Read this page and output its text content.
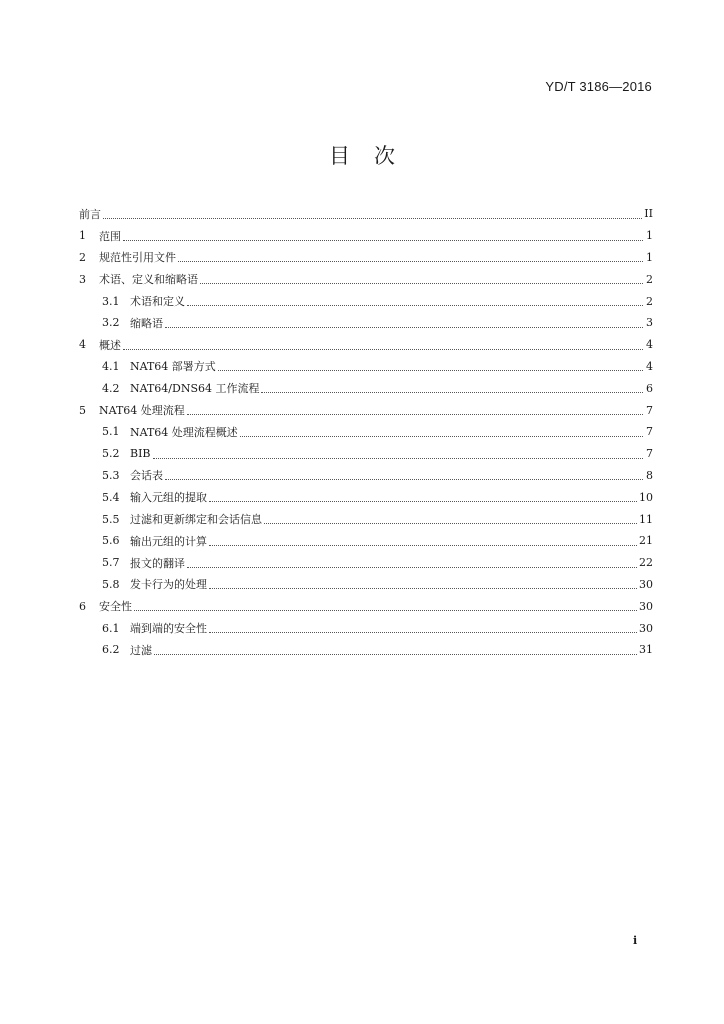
YD/T 3186—2016
目次
前言	II
1	范围	1
2	规范性引用文件	1
3	术语、定义和缩略语	2
3.1 术语和定义	2
3.2 缩略语	3
4	概述	4
4.1 NAT64 部署方式	4
4.2 NAT64/DNS64 工作流程	6
5	NAT64 处理流程	7
5.1 NAT64 处理流程概述	7
5.2 BIB	7
5.3 会话表	8
5.4 输入元组的提取	10
5.5 过滤和更新绑定和会话信息	11
5.6 输出元组的计算	21
5.7 报文的翻译	22
5.8 发卡行为的处理	30
6	安全性	30
6.1 端到端的安全性	30
6.2 过滤	31
i
